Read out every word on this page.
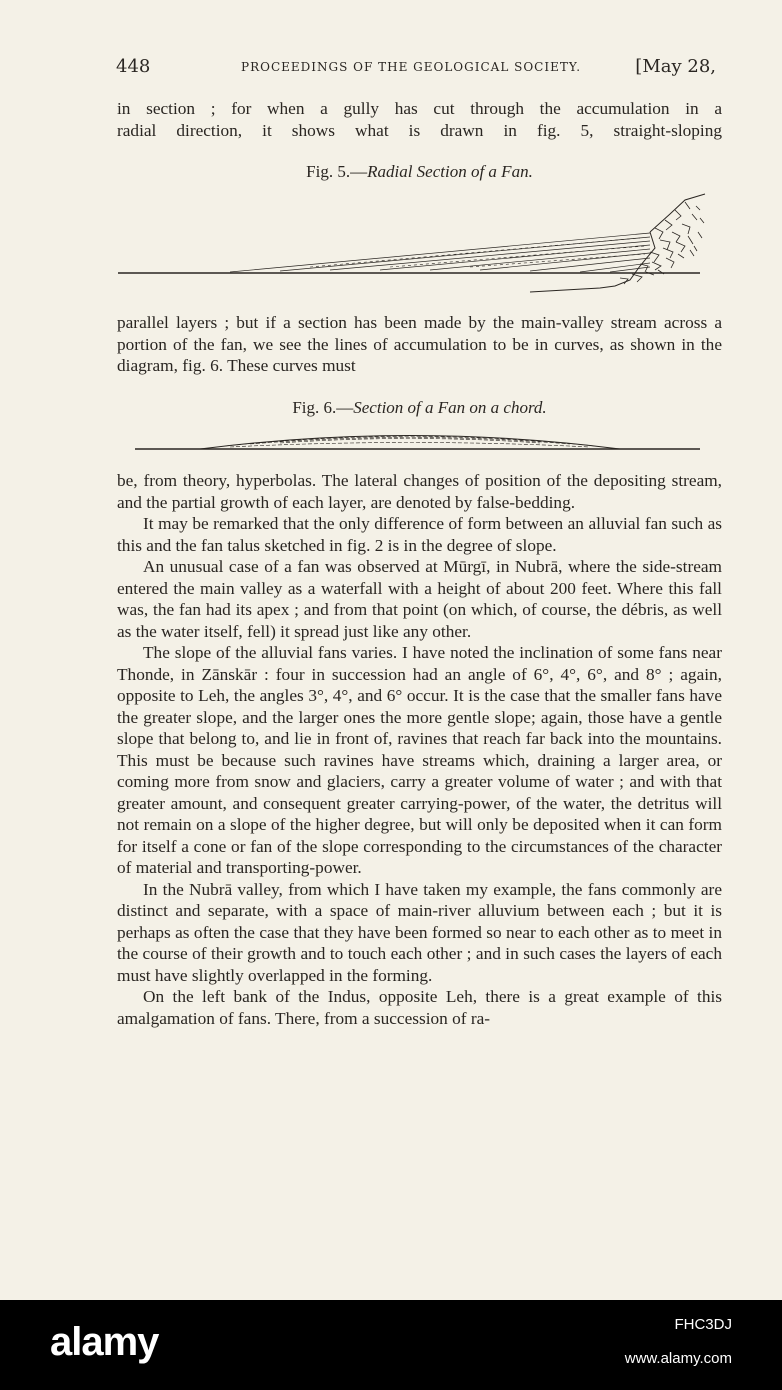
448	PROCEEDINGS OF THE GEOLOGICAL SOCIETY.	[May 28,

in section ; for when a gully has cut through the accumulation in a

radial direction, it shows what is drawn in fig. 5, straight-sloping

Fig. 5.—Radial Section of a Fan.

parallel layers ; but if a section has been made by the main-valley stream across a portion of the fan, we see the lines of accumulation to be in curves, as shown in the diagram, fig. 6. These curves must

Fig. 6.—Section of a Fan on a chord.

be, from theory, hyperbolas. The lateral changes of position of the depositing stream, and the partial growth of each layer, are denoted by false-bedding.

It may be remarked that the only difference of form between an alluvial fan such as this and the fan talus sketched in fig. 2 is in the degree of slope.

An unusual case of a fan was observed at Mūrgī, in Nubrā, where the side-stream entered the main valley as a waterfall with a height of about 200 feet. Where this fall was, the fan had its apex ; and from that point (on which, of course, the débris, as well as the water itself, fell) it spread just like any other.

The slope of the alluvial fans varies. I have noted the inclination of some fans near Thonde, in Zānskār : four in succession had an angle of 6°, 4°, 6°, and 8° ; again, opposite to Leh, the angles 3°, 4°, and 6° occur. It is the case that the smaller fans have the greater slope, and the larger ones the more gentle slope; again, those have a gentle slope that belong to, and lie in front of, ravines that reach far back into the mountains. This must be because such ravines have streams which, draining a larger area, or coming more from snow and glaciers, carry a greater volume of water ; and with that greater amount, and consequent greater carrying-power, of the water, the detritus will not remain on a slope of the higher degree, but will only be deposited when it can form for itself a cone or fan of the slope corresponding to the circumstances of the character of material and transporting-power.

In the Nubrā valley, from which I have taken my example, the fans commonly are distinct and separate, with a space of main-river alluvium between each ; but it is perhaps as often the case that they have been formed so near to each other as to meet in the course of their growth and to touch each other ; and in such cases the layers of each must have slightly overlapped in the forming.

On the left bank of the Indus, opposite Leh, there is a great example of this amalgamation of fans. There, from a succession of ra-

alamy	FHC3DJ
www.alamy.com
